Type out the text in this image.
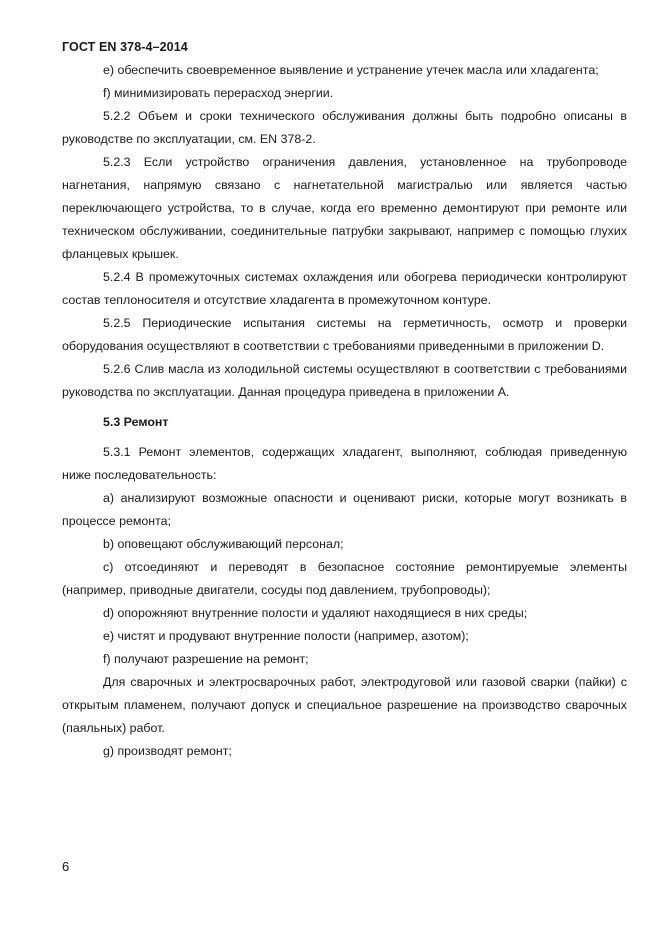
ГОСТ EN 378-4–2014

е) обеспечить своевременное выявление и устранение утечек масла или хладагента;

f) минимизировать перерасход энергии.

5.2.2 Объем и сроки технического обслуживания должны быть подробно описаны в руководстве по эксплуатации, см. EN 378-2.

5.2.3 Если устройство ограничения давления, установленное на трубопроводе нагнетания, напрямую связано с нагнетательной магистралью или является частью переключающего устройства, то в случае, когда его временно демонтируют при ремонте или техническом обслуживании, соединительные патрубки закрывают, например с помощью глухих фланцевых крышек.

5.2.4 В промежуточных системах охлаждения или обогрева периодически контролируют состав теплоносителя и отсутствие хладагента в промежуточном контуре.

5.2.5 Периодические испытания системы на герметичность, осмотр и проверки оборудования осуществляют в соответствии с требованиями приведенными в приложении D.

5.2.6 Слив масла из холодильной системы осуществляют в соответствии с требованиями руководства по эксплуатации. Данная процедура приведена в приложении А.

5.3 Ремонт

5.3.1 Ремонт элементов, содержащих хладагент, выполняют, соблюдая приведенную ниже последовательность:

а) анализируют возможные опасности и оценивают риски, которые могут возникать в процессе ремонта;

b) оповещают обслуживающий персонал;

с) отсоединяют и переводят в безопасное состояние ремонтируемые элементы (например, приводные двигатели, сосуды под давлением, трубопроводы);

d) опорожняют внутренние полости и удаляют находящиеся в них среды;

е) чистят и продувают внутренние полости (например, азотом);

f) получают разрешение на ремонт;

Для сварочных и электросварочных работ, электродуговой или газовой сварки (пайки) с открытым пламенем, получают допуск и специальное разрешение на производство сварочных (паяльных) работ.

g) производят ремонт;

6
